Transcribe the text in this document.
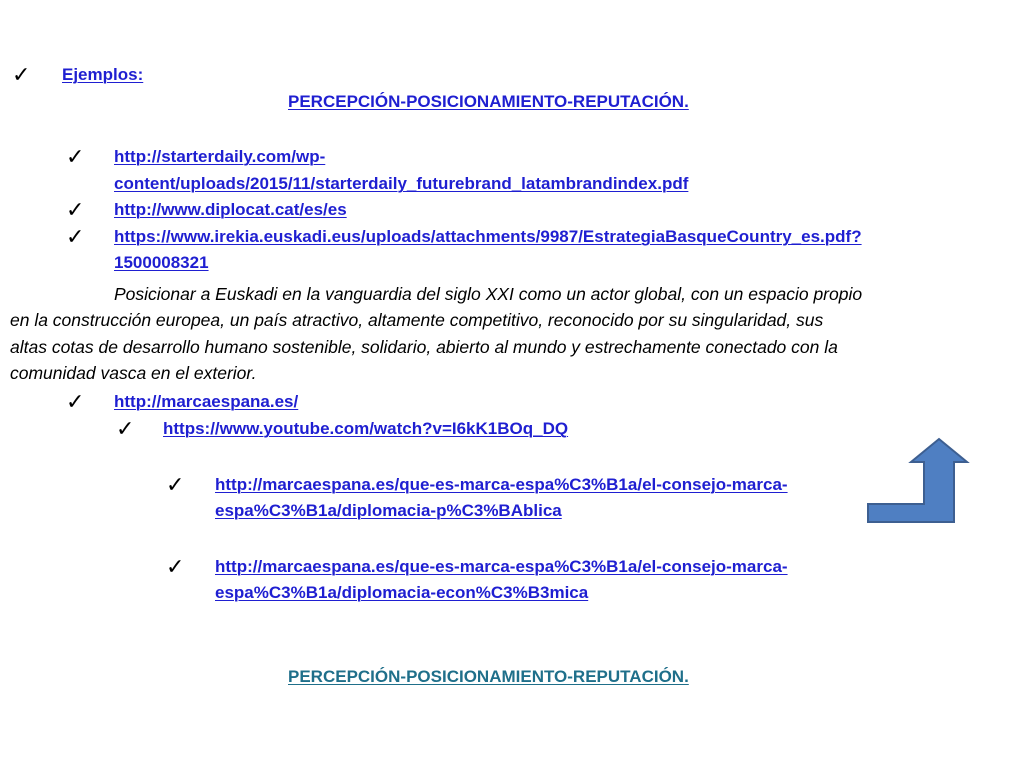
✓ Ejemplos:
PERCEPCIÓN-POSICIONAMIENTO-REPUTACIÓN.
✓ http://starterdaily.com/wp-
content/uploads/2015/11/starterdaily_futurebrand_latambrandindex.pdf
✓ http://www.diplocat.cat/es/es
✓ https://www.irekia.euskadi.eus/uploads/attachments/9987/EstrategiaBasqueCountry_es.pdf?
1500008321
Posicionar a Euskadi en la vanguardia del siglo XXI como un actor global, con un espacio propio
en la construcción europea, un país atractivo, altamente competitivo, reconocido por su singularidad, sus
altas cotas de desarrollo humano sostenible, solidario, abierto al mundo y estrechamente conectado con la
comunidad vasca en el exterior.
✓ http://marcaespana.es/
✓ https://www.youtube.com/watch?v=I6kK1BOq_DQ
✓ http://marcaespana.es/que-es-marca-espa%C3%B1a/el-consejo-marca-
espa%C3%B1a/diplomacia-p%C3%BAblica
✓ http://marcaespana.es/que-es-marca-espa%C3%B1a/el-consejo-marca-
espa%C3%B1a/diplomacia-econ%C3%B3mica
PERCEPCIÓN-POSICIONAMIENTO-REPUTACIÓN.
